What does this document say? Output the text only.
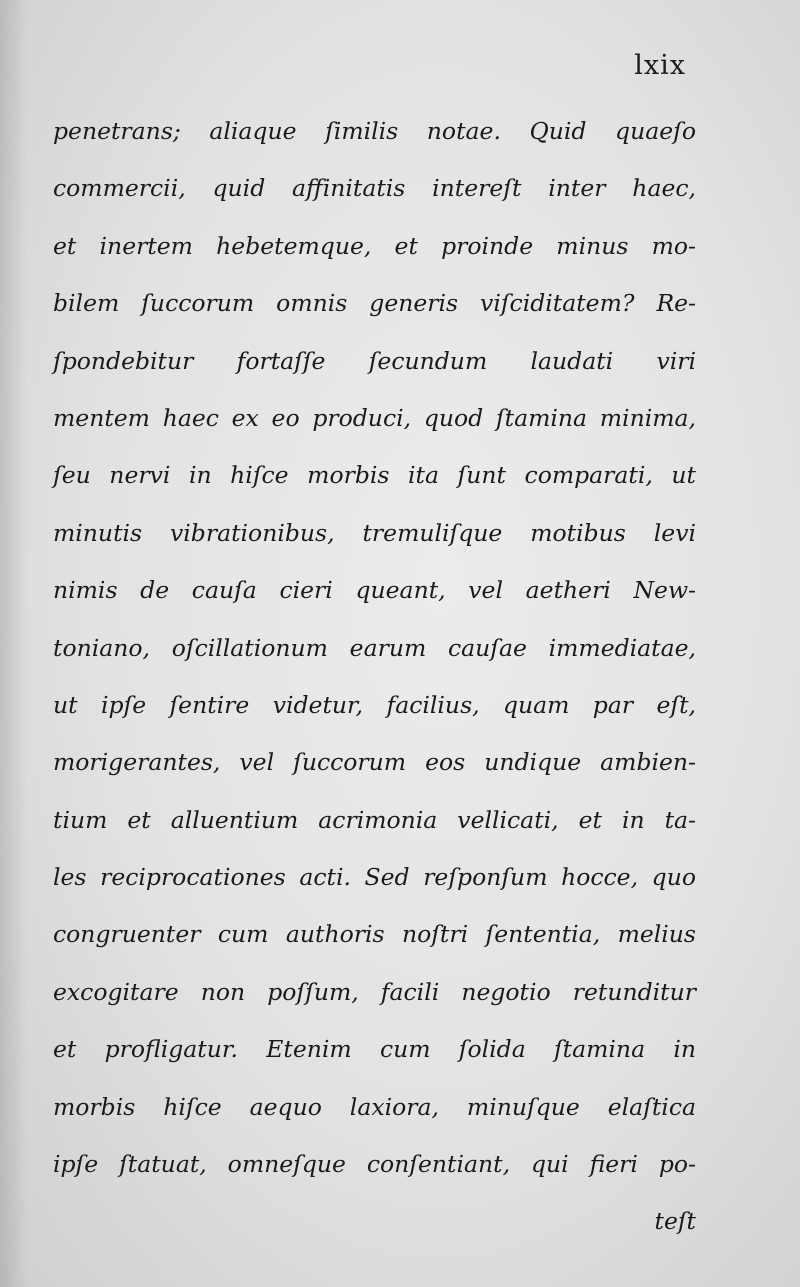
lxix
penetrans; aliaque ſimilis notae. Quid quaeſo
commercii, quid affinitatis intereſt inter haec,
et inertem hebetemque, et proinde minus mo-
bilem ſuccorum omnis generis viſciditatem? Re-
ſpondebitur fortaſſe ſecundum laudati viri
mentem haec ex eo produci, quod ſtamina minima,
ſeu nervi in hiſce morbis ita ſunt comparati, ut
minutis vibrationibus, tremuliſque motibus levi
nimis de cauſa cieri queant, vel aetheri New-
toniano, oſcillationum earum cauſae immediatae,
ut ipſe ſentire videtur, facilius, quam par eſt,
morigerantes, vel ſuccorum eos undique ambien-
tium et alluentium acrimonia vellicati, et in ta-
les reciprocationes acti. Sed reſponſum hocce, quo
congruenter cum authoris noſtri ſententia, melius
excogitare non poſſum, facili negotio retunditur
et profligatur. Etenim cum ſolida ſtamina in
morbis hiſce aequo laxiora, minuſque elaſtica
ipſe ſtatuat, omneſque conſentiant, qui fieri po-
teſt
